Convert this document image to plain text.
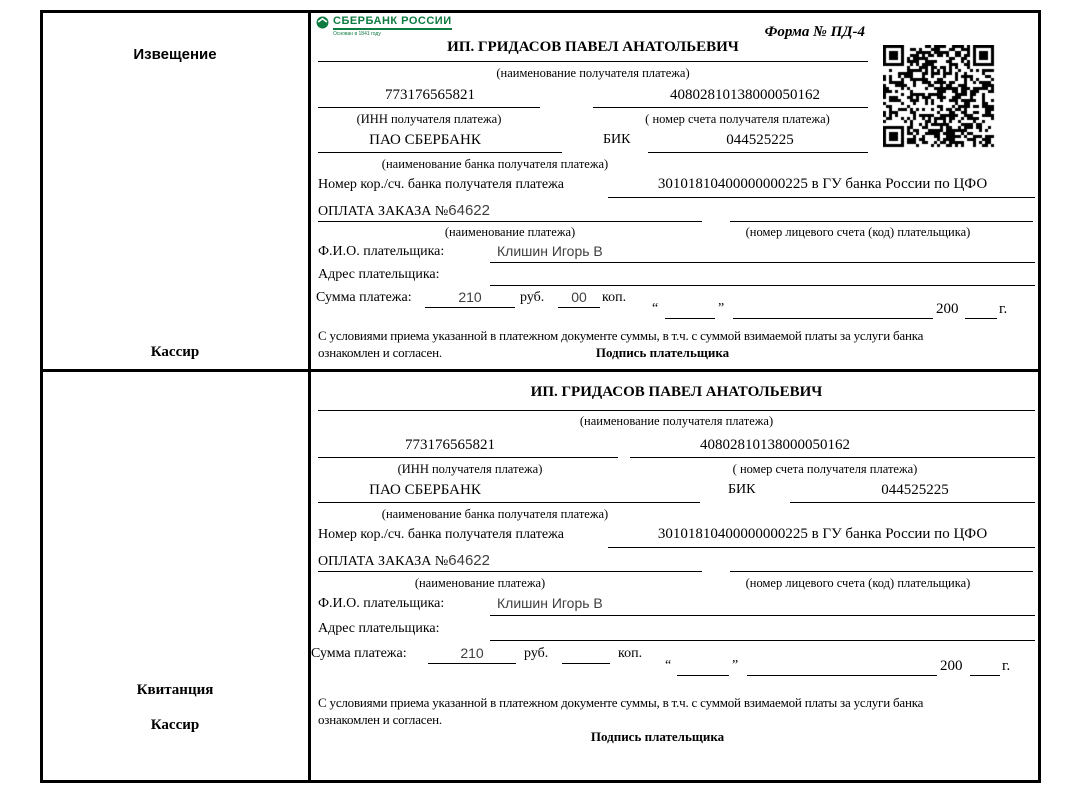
Извещение
Кассир
СБЕРБАНК РОССИИ
Основан в 1841 году	Форма № ПД-4
ИП. ГРИДАСОВ ПАВЕЛ АНАТОЛЬЕВИЧ
(наименование получателя платежа)
773176565821	40802810138000050162
(ИНН получателя платежа)	( номер счета получателя платежа)
ПАО СБЕРБАНК	БИК	044525225
(наименование банка получателя платежа)
Номер кор./сч. банка получателя платежа	30101810400000000225 в ГУ банка России по ЦФО
ОПЛАТА ЗАКАЗА №64622
(наименование платежа)	(номер лицевого счета (код) плательщика)
Ф.И.О. плательщика:	Клишин Игорь В
Адрес плательщика:
Сумма платежа:	210	руб.	00	коп.
“	”	200	г.
С условиями приема указанной в платежном документе суммы, в т.ч. с суммой взимаемой платы за услуги банка
ознакомлен и согласен.	Подпись плательщика
Квитанция
Кассир
ИП. ГРИДАСОВ ПАВЕЛ АНАТОЛЬЕВИЧ
(наименование получателя платежа)
773176565821	40802810138000050162
(ИНН получателя платежа)	( номер счета получателя платежа)
ПАО СБЕРБАНК	БИК	044525225
(наименование банка получателя платежа)
Номер кор./сч. банка получателя платежа	30101810400000000225 в ГУ банка России по ЦФО
ОПЛАТА ЗАКАЗА №64622
(наименование платежа)	(номер лицевого счета (код) плательщика)
Ф.И.О. плательщика:	Клишин Игорь В
Адрес плательщика:
Сумма платежа:	210	руб.	коп.
“	”	200	г.
С условиями приема указанной в платежном документе суммы, в т.ч. с суммой взимаемой платы за услуги банка
ознакомлен и согласен.
Подпись плательщика
